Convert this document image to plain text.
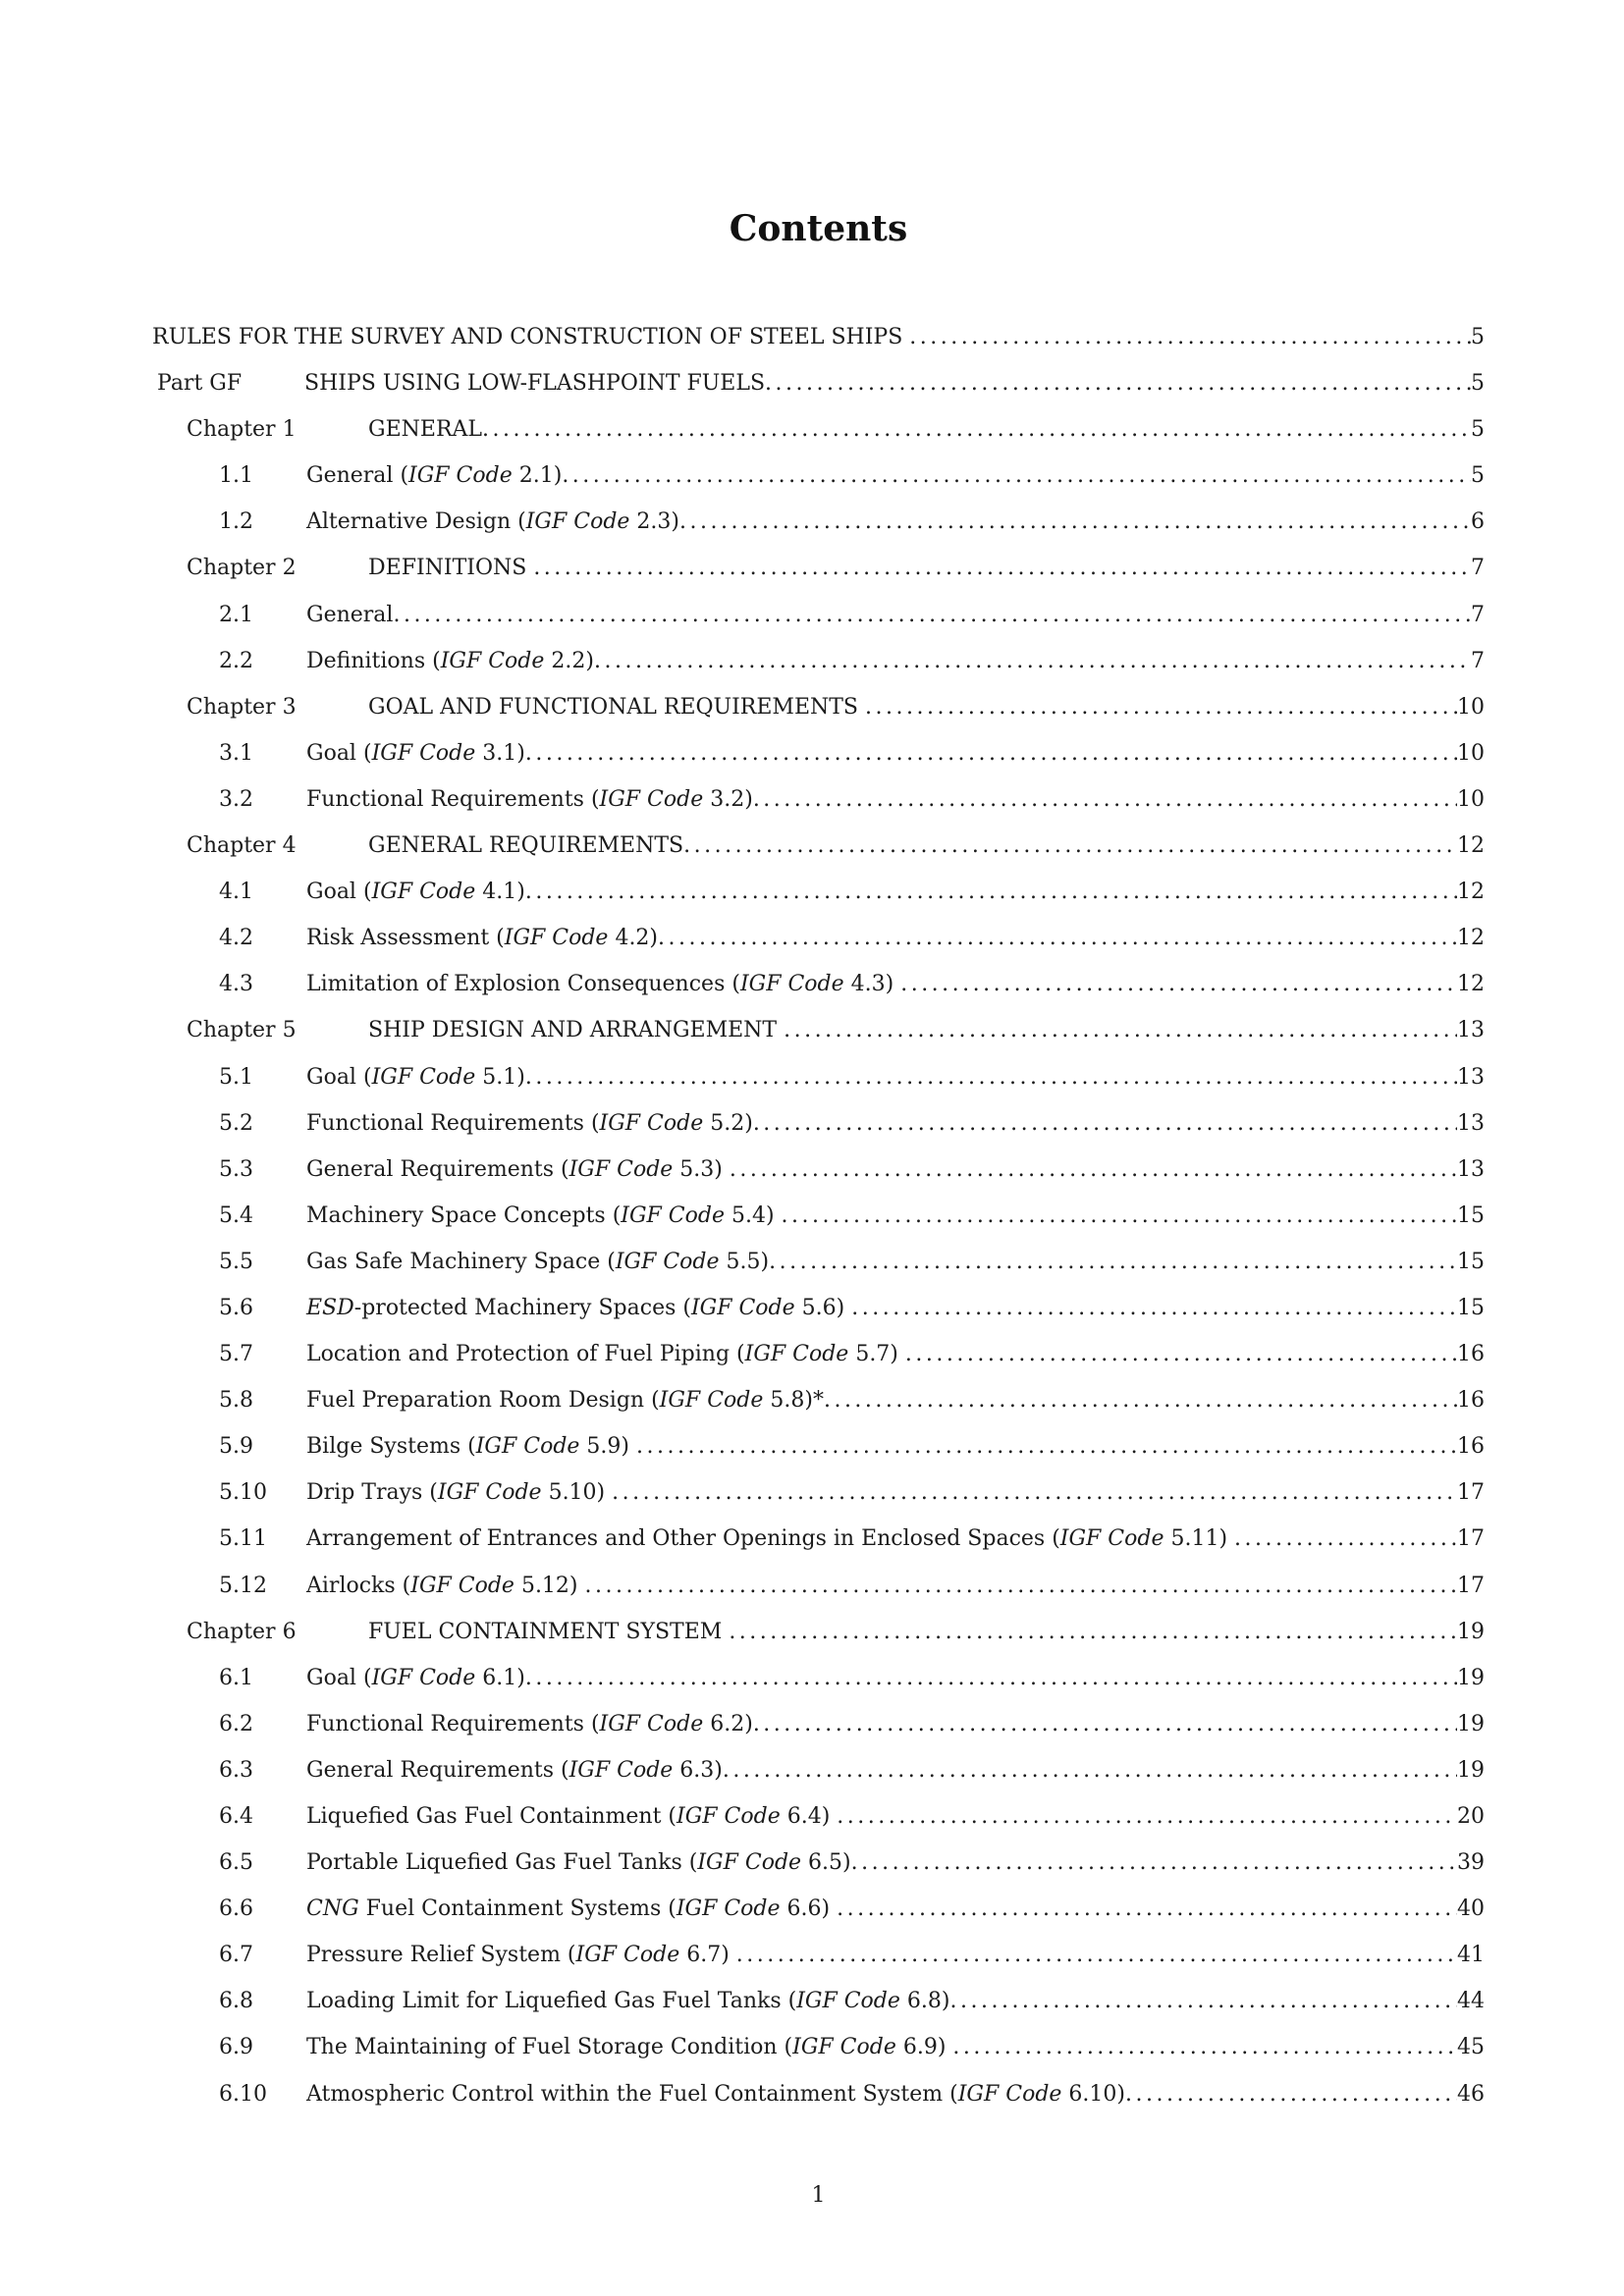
Contents
RULES FOR THE SURVEY AND CONSTRUCTION OF STEEL SHIPS .....	5
Part GF	SHIPS USING LOW-FLASHPOINT FUELS .....	5
Chapter 1	GENERAL .....	5
1.1	General (IGF Code 2.1) .....	5
1.2	Alternative Design (IGF Code 2.3) .....	6
Chapter 2	DEFINITIONS .....	7
2.1	General .....	7
2.2	Definitions (IGF Code 2.2) .....	7
Chapter 3	GOAL AND FUNCTIONAL REQUIREMENTS .....	10
3.1	Goal (IGF Code 3.1) .....	10
3.2	Functional Requirements (IGF Code 3.2) .....	10
Chapter 4	GENERAL REQUIREMENTS .....	12
4.1	Goal (IGF Code 4.1) .....	12
4.2	Risk Assessment (IGF Code 4.2) .....	12
4.3	Limitation of Explosion Consequences (IGF Code 4.3) .....	12
Chapter 5	SHIP DESIGN AND ARRANGEMENT .....	13
5.1	Goal (IGF Code 5.1) .....	13
5.2	Functional Requirements (IGF Code 5.2) .....	13
5.3	General Requirements (IGF Code 5.3) .....	13
5.4	Machinery Space Concepts (IGF Code 5.4) .....	15
5.5	Gas Safe Machinery Space (IGF Code 5.5) .....	15
5.6	ESD-protected Machinery Spaces (IGF Code 5.6) .....	15
5.7	Location and Protection of Fuel Piping (IGF Code 5.7) .....	16
5.8	Fuel Preparation Room Design (IGF Code 5.8)* .....	16
5.9	Bilge Systems (IGF Code 5.9) .....	16
5.10	Drip Trays (IGF Code 5.10) .....	17
5.11	Arrangement of Entrances and Other Openings in Enclosed Spaces (IGF Code 5.11) .....	17
5.12	Airlocks (IGF Code 5.12) .....	17
Chapter 6	FUEL CONTAINMENT SYSTEM .....	19
6.1	Goal (IGF Code 6.1) .....	19
6.2	Functional Requirements (IGF Code 6.2) .....	19
6.3	General Requirements (IGF Code 6.3) .....	19
6.4	Liquefied Gas Fuel Containment (IGF Code 6.4) .....	20
6.5	Portable Liquefied Gas Fuel Tanks (IGF Code 6.5) .....	39
6.6	CNG Fuel Containment Systems (IGF Code 6.6) .....	40
6.7	Pressure Relief System (IGF Code 6.7) .....	41
6.8	Loading Limit for Liquefied Gas Fuel Tanks (IGF Code 6.8) .....	44
6.9	The Maintaining of Fuel Storage Condition (IGF Code 6.9) .....	45
6.10	Atmospheric Control within the Fuel Containment System (IGF Code 6.10) .....	46
1
